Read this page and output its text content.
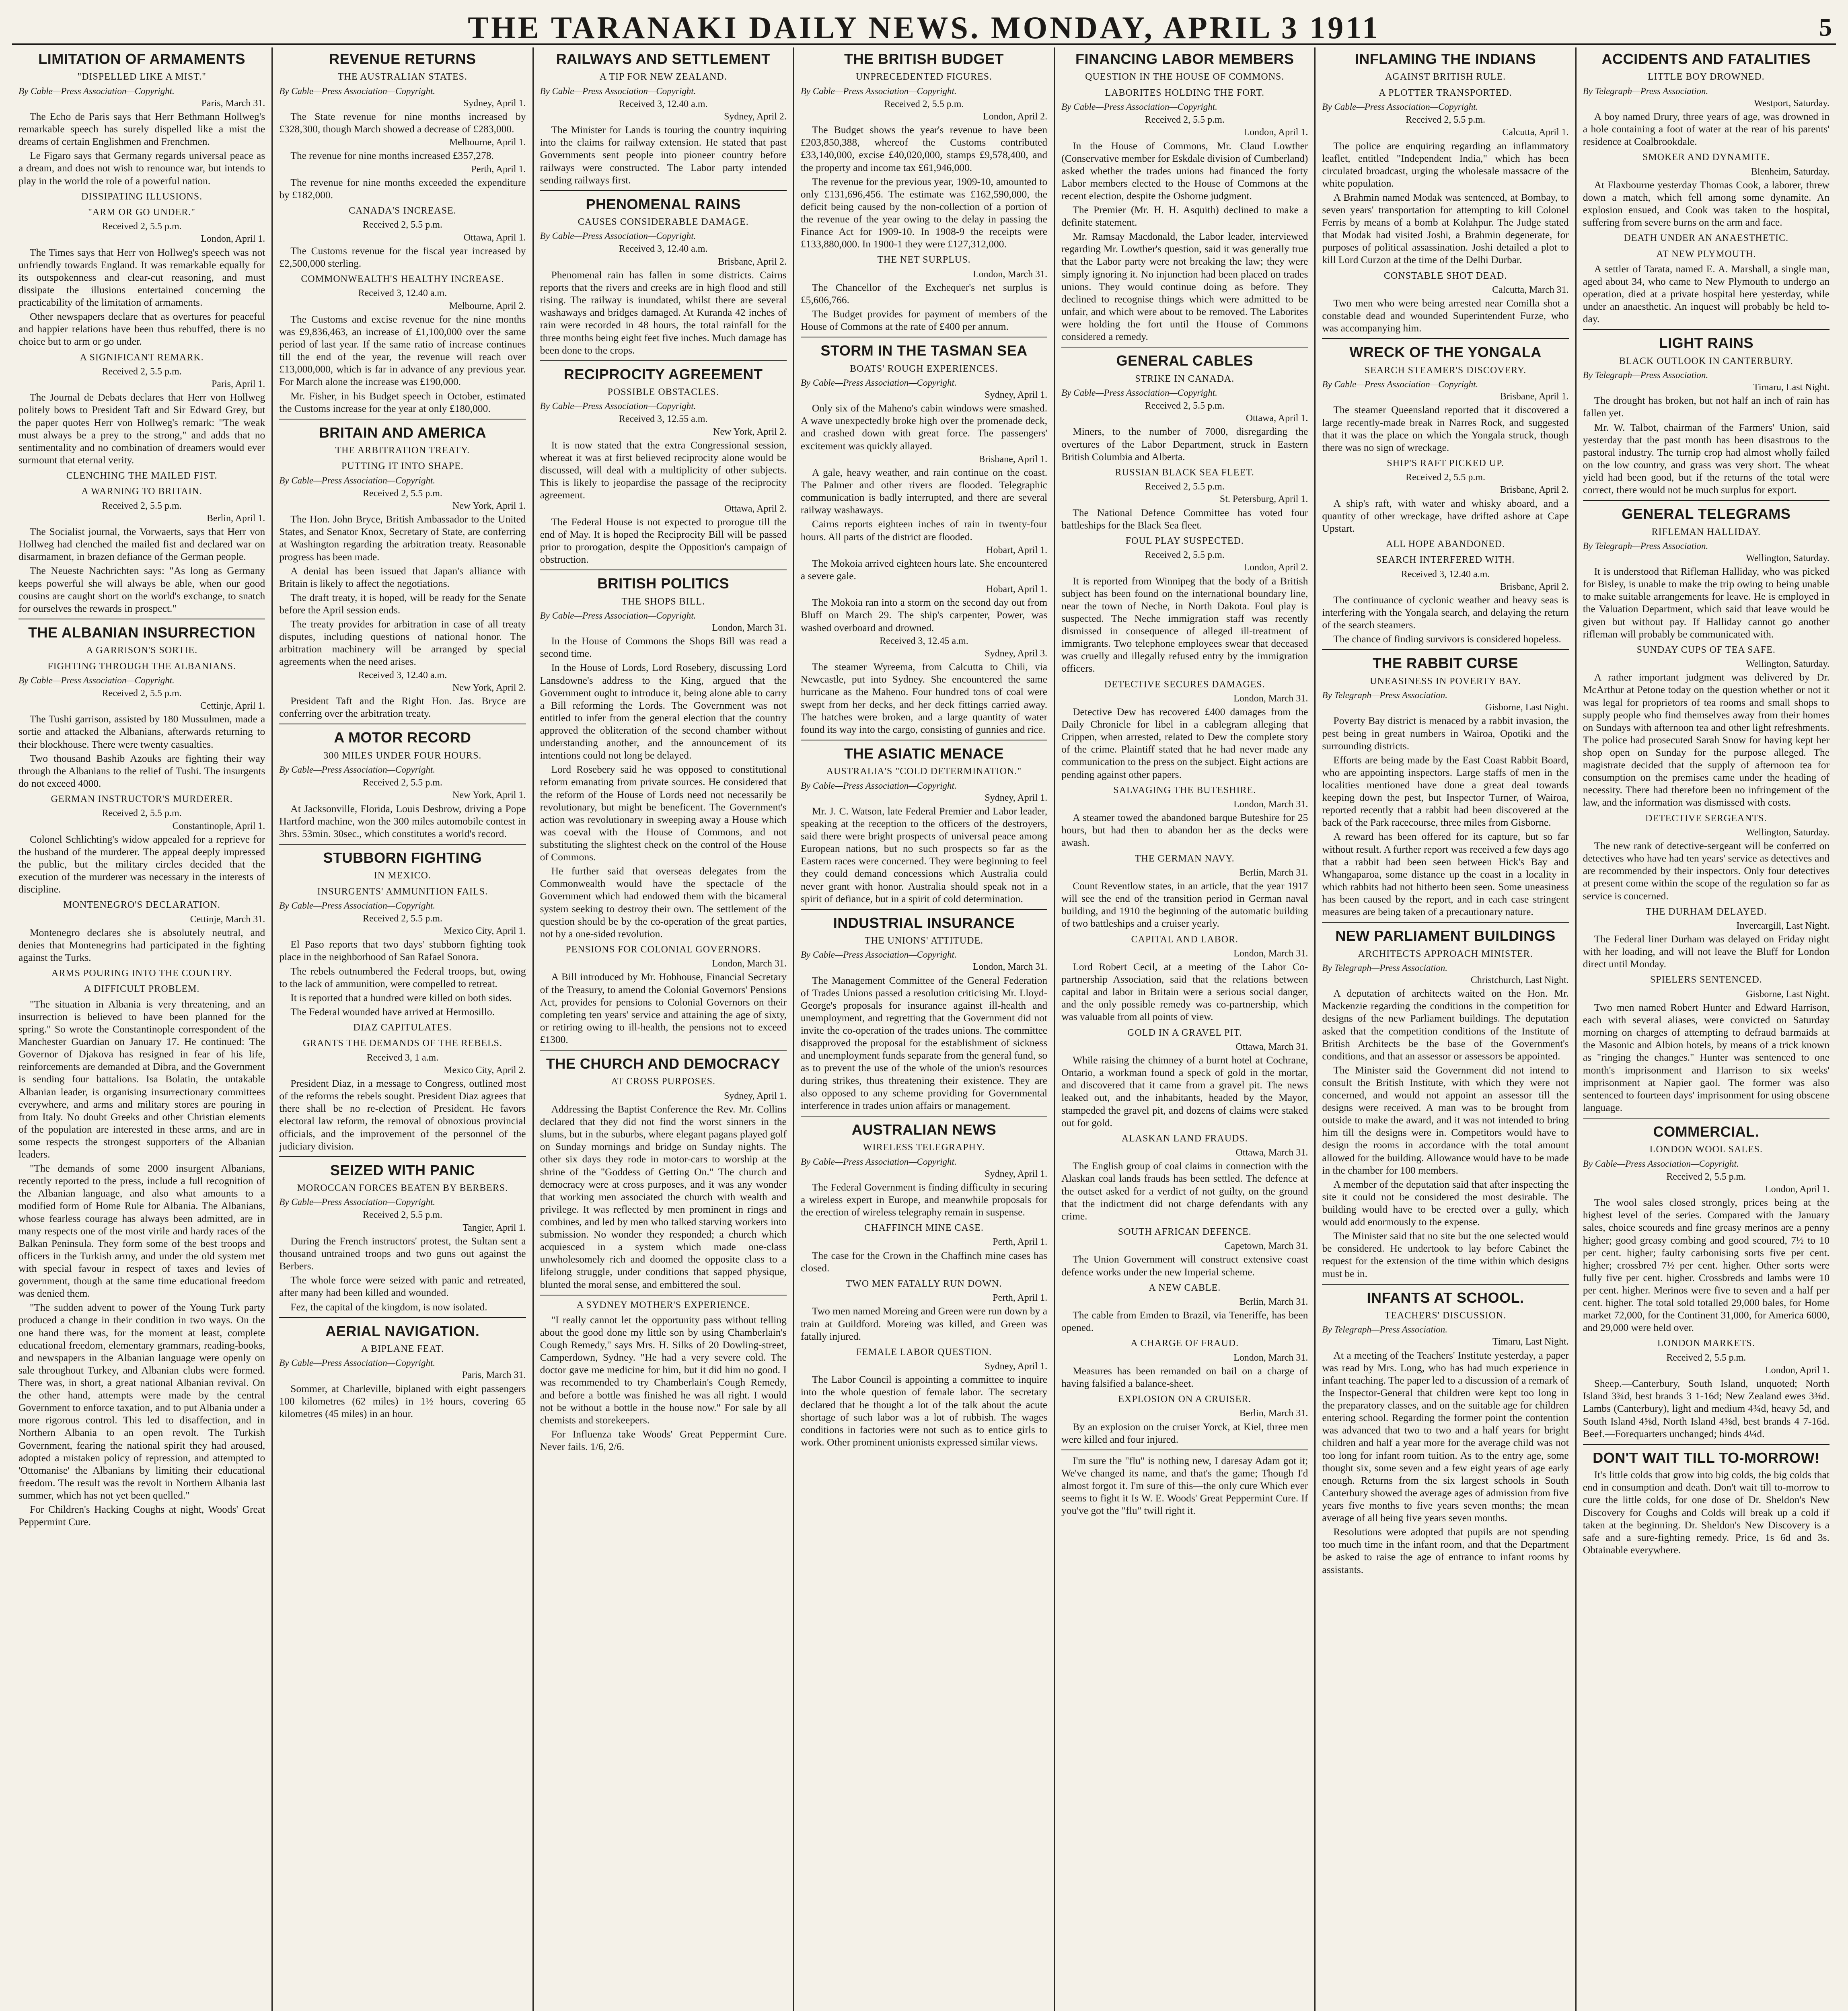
THE TARANAKI DAILY NEWS. MONDAY, APRIL 3 1911	5
LIMITATION OF ARMAMENTS

"DISPELLED LIKE A MIST."

By Cable—Press Association—Copyright.

Paris, March 31.

The Echo de Paris says that Herr Bethmann Hollweg's remarkable speech has surely dispelled like a mist the dreams of certain Englishmen and Frenchmen.

Le Figaro says that Germany regards universal peace as a dream, and does not wish to renounce war, but intends to play in the world the role of a powerful nation.

DISSIPATING ILLUSIONS.

"ARM OR GO UNDER."

Received 2, 5.5 p.m.

London, April 1.

The Times says that Herr von Hollweg's speech was not unfriendly towards England. It was remarkable equally for its outspokenness and clear-cut reasoning, and must dissipate the illusions entertained concerning the practicability of the limitation of armaments.

Other newspapers declare that as overtures for peaceful and happier relations have been thus rebuffed, there is no choice but to arm or go under.

A SIGNIFICANT REMARK.

Received 2, 5.5 p.m.

Paris, April 1.

The Journal de Debats declares that Herr von Hollweg politely bows to President Taft and Sir Edward Grey, but the paper quotes Herr von Hollweg's remark: "The weak must always be a prey to the strong," and adds that no sentimentality and no combination of dreamers would ever surmount that eternal verity.

CLENCHING THE MAILED FIST.

A WARNING TO BRITAIN.

Received 2, 5.5 p.m.

Berlin, April 1.

The Socialist journal, the Vorwaerts, says that Herr von Hollweg had clenched the mailed fist and declared war on disarmament, in brazen defiance of the German people.

The Neueste Nachrichten says: "As long as Germany keeps powerful she will always be able, when our good cousins are caught short on the world's exchange, to snatch for ourselves the rewards in prospect."

THE ALBANIAN INSURRECTION

A GARRISON'S SORTIE.

FIGHTING THROUGH THE ALBANIANS.

By Cable—Press Association—Copyright.

Received 2, 5.5 p.m.

Cettinje, April 1.

The Tushi garrison, assisted by 180 Mussulmen, made a sortie and attacked the Albanians, afterwards returning to their blockhouse. There were twenty casualties.

Two thousand Bashib Azouks are fighting their way through the Albanians to the relief of Tushi. The insurgents do not exceed 4000.

GERMAN INSTRUCTOR'S MURDERER.

Received 2, 5.5 p.m.

Constantinople, April 1.

Colonel Schlichting's widow appealed for a reprieve for the husband of the murderer. The appeal deeply impressed the public, but the military circles decided that the execution of the murderer was necessary in the interests of discipline.

MONTENEGRO'S DECLARATION.

Cettinje, March 31.

Montenegro declares she is absolutely neutral, and denies that Montenegrins had participated in the fighting against the Turks.

ARMS POURING INTO THE COUNTRY.

A DIFFICULT PROBLEM.

"The situation in Albania is very threatening, and an insurrection is believed to have been planned for the spring." So wrote the Constantinople correspondent of the Manchester Guardian on January 17. He continued: The Governor of Djakova has resigned in fear of his life, reinforcements are demanded at Dibra, and the Government is sending four battalions. Isa Bolatin, the untakable Albanian leader, is organising insurrectionary committees everywhere, and arms and military stores are pouring in from Italy. No doubt Greeks and other Christian elements of the population are interested in these arms, and are in some respects the strongest supporters of the Albanian leaders.

"The demands of some 2000 insurgent Albanians, recently reported to the press, include a full recognition of the Albanian language, and also what amounts to a modified form of Home Rule for Albania. The Albanians, whose fearless courage has always been admitted, are in many respects one of the most virile and hardy races of the Balkan Peninsula. They form some of the best troops and officers in the Turkish army, and under the old system met with special favour in respect of taxes and levies of government, though at the same time educational freedom was denied them.

"The sudden advent to power of the Young Turk party produced a change in their condition in two ways. On the one hand there was, for the moment at least, complete educational freedom, elementary grammars, reading-books, and newspapers in the Albanian language were openly on sale throughout Turkey, and Albanian clubs were formed. There was, in short, a great national Albanian revival. On the other hand, attempts were made by the central Government to enforce taxation, and to put Albania under a more rigorous control. This led to disaffection, and in Northern Albania to an open revolt. The Turkish Government, fearing the national spirit they had aroused, adopted a mistaken policy of repression, and attempted to 'Ottomanise' the Albanians by limiting their educational freedom. The result was the revolt in Northern Albania last summer, which has not yet been quelled."

For Children's Hacking Coughs at night, Woods' Great Peppermint Cure.

REVENUE RETURNS

THE AUSTRALIAN STATES.

By Cable—Press Association—Copyright.

Sydney, April 1.

The State revenue for nine months increased by £328,300, though March showed a decrease of £283,000.

Melbourne, April 1.

The revenue for nine months increased £357,278.

Perth, April 1.

The revenue for nine months exceeded the expenditure by £182,000.

CANADA'S INCREASE.

Received 2, 5.5 p.m.

Ottawa, April 1.

The Customs revenue for the fiscal year increased by £2,500,000 sterling.

COMMONWEALTH'S HEALTHY INCREASE.

Received 3, 12.40 a.m.

Melbourne, April 2.

The Customs and excise revenue for the nine months was £9,836,463, an increase of £1,100,000 over the same period of last year. If the same ratio of increase continues till the end of the year, the revenue will reach over £13,000,000, which is far in advance of any previous year. For March alone the increase was £190,000.

Mr. Fisher, in his Budget speech in October, estimated the Customs increase for the year at only £180,000.

BRITAIN AND AMERICA

THE ARBITRATION TREATY.

PUTTING IT INTO SHAPE.

By Cable—Press Association—Copyright.

Received 2, 5.5 p.m.

New York, April 1.

The Hon. John Bryce, British Ambassador to the United States, and Senator Knox, Secretary of State, are conferring at Washington regarding the arbitration treaty. Reasonable progress has been made.

A denial has been issued that Japan's alliance with Britain is likely to affect the negotiations.

The draft treaty, it is hoped, will be ready for the Senate before the April session ends.

The treaty provides for arbitration in case of all treaty disputes, including questions of national honor. The arbitration machinery will be arranged by special agreements when the need arises.

Received 3, 12.40 a.m.

New York, April 2.

President Taft and the Right Hon. Jas. Bryce are conferring over the arbitration treaty.

A MOTOR RECORD

300 MILES UNDER FOUR HOURS.

By Cable—Press Association—Copyright.

Received 2, 5.5 p.m.

New York, April 1.

At Jacksonville, Florida, Louis Desbrow, driving a Pope Hartford machine, won the 300 miles automobile contest in 3hrs. 53min. 30sec., which constitutes a world's record.

STUBBORN FIGHTING

IN MEXICO.

INSURGENTS' AMMUNITION FAILS.

By Cable—Press Association—Copyright.

Received 2, 5.5 p.m.

Mexico City, April 1.

El Paso reports that two days' stubborn fighting took place in the neighborhood of San Rafael Sonora.

The rebels outnumbered the Federal troops, but, owing to the lack of ammunition, were compelled to retreat.

It is reported that a hundred were killed on both sides.

The Federal wounded have arrived at Hermosillo.

DIAZ CAPITULATES.

GRANTS THE DEMANDS OF THE REBELS.

Received 3, 1 a.m.

Mexico City, April 2.

President Diaz, in a message to Congress, outlined most of the reforms the rebels sought. President Diaz agrees that there shall be no re-election of President. He favors electoral law reform, the removal of obnoxious provincial officials, and the improvement of the personnel of the judiciary division.

SEIZED WITH PANIC

MOROCCAN FORCES BEATEN BY BERBERS.

By Cable—Press Association—Copyright.

Received 2, 5.5 p.m.

Tangier, April 1.

During the French instructors' protest, the Sultan sent a thousand untrained troops and two guns out against the Berbers.

The whole force were seized with panic and retreated, after many had been killed and wounded.

Fez, the capital of the kingdom, is now isolated.

AERIAL NAVIGATION.

A BIPLANE FEAT.

By Cable—Press Association—Copyright.

Paris, March 31.

Sommer, at Charleville, biplaned with eight passengers 100 kilometres (62 miles) in 1½ hours, covering 65 kilometres (45 miles) in an hour.

RAILWAYS AND SETTLEMENT

A TIP FOR NEW ZEALAND.

By Cable—Press Association—Copyright.

Received 3, 12.40 a.m.

Sydney, April 2.

The Minister for Lands is touring the country inquiring into the claims for railway extension. He stated that past Governments sent people into pioneer country before railways were constructed. The Labor party intended sending railways first.

PHENOMENAL RAINS

CAUSES CONSIDERABLE DAMAGE.

By Cable—Press Association—Copyright.

Received 3, 12.40 a.m.

Brisbane, April 2.

Phenomenal rain has fallen in some districts. Cairns reports that the rivers and creeks are in high flood and still rising. The railway is inundated, whilst there are several washaways and bridges damaged. At Kuranda 42 inches of rain were recorded in 48 hours, the total rainfall for the three months being eight feet five inches. Much damage has been done to the crops.

RECIPROCITY AGREEMENT

POSSIBLE OBSTACLES.

By Cable—Press Association—Copyright.

Received 3, 12.55 a.m.

New York, April 2.

It is now stated that the extra Congressional session, whereat it was at first believed reciprocity alone would be discussed, will deal with a multiplicity of other subjects. This is likely to jeopardise the passage of the reciprocity agreement.

Ottawa, April 2.

The Federal House is not expected to prorogue till the end of May. It is hoped the Reciprocity Bill will be passed prior to prorogation, despite the Opposition's campaign of obstruction.

BRITISH POLITICS

THE SHOPS BILL.

By Cable—Press Association—Copyright.

London, March 31.

In the House of Commons the Shops Bill was read a second time.

In the House of Lords, Lord Rosebery, discussing Lord Lansdowne's address to the King, argued that the Government ought to introduce it, being alone able to carry a Bill reforming the Lords. The Government was not entitled to infer from the general election that the country approved the obliteration of the second chamber without understanding another, and the announcement of its intentions could not long be delayed.

Lord Rosebery said he was opposed to constitutional reform emanating from private sources. He considered that the reform of the House of Lords need not necessarily be revolutionary, but might be beneficent. The Government's action was revolutionary in sweeping away a House which was coeval with the House of Commons, and not substituting the slightest check on the control of the House of Commons.

He further said that overseas delegates from the Commonwealth would have the spectacle of the Government which had endowed them with the bicameral system seeking to destroy their own. The settlement of the question should be by the co-operation of the great parties, not by a one-sided revolution.

PENSIONS FOR COLONIAL GOVERNORS.

London, March 31.

A Bill introduced by Mr. Hobhouse, Financial Secretary of the Treasury, to amend the Colonial Governors' Pensions Act, provides for pensions to Colonial Governors on their completing ten years' service and attaining the age of sixty, or retiring owing to ill-health, the pensions not to exceed £1300.

THE CHURCH AND DEMOCRACY

AT CROSS PURPOSES.

Sydney, April 1.

Addressing the Baptist Conference the Rev. Mr. Collins declared that they did not find the worst sinners in the slums, but in the suburbs, where elegant pagans played golf on Sunday mornings and bridge on Sunday nights. The other six days they rode in motor-cars to worship at the shrine of the "Goddess of Getting On." The church and democracy were at cross purposes, and it was any wonder that working men associated the church with wealth and privilege. It was reflected by men prominent in rings and combines, and led by men who talked starving workers into submission. No wonder they responded; a church which acquiesced in a system which made one-class unwholesomely rich and doomed the opposite class to a lifelong struggle, under conditions that sapped physique, blunted the moral sense, and embittered the soul.

A SYDNEY MOTHER'S EXPERIENCE.

"I really cannot let the opportunity pass without telling about the good done my little son by using Chamberlain's Cough Remedy," says Mrs. H. Silks of 20 Dowling-street, Camperdown, Sydney. "He had a very severe cold. The doctor gave me medicine for him, but it did him no good. I was recommended to try Chamberlain's Cough Remedy, and before a bottle was finished he was all right. I would not be without a bottle in the house now." For sale by all chemists and storekeepers.

For Influenza take Woods' Great Peppermint Cure. Never fails. 1/6, 2/6.

THE BRITISH BUDGET

UNPRECEDENTED FIGURES.

By Cable—Press Association—Copyright.

Received 2, 5.5 p.m.

London, April 2.

The Budget shows the year's revenue to have been £203,850,388, whereof the Customs contributed £33,140,000, excise £40,020,000, stamps £9,578,400, and the property and income tax £61,946,000.

The revenue for the previous year, 1909-10, amounted to only £131,696,456. The estimate was £162,590,000, the deficit being caused by the non-collection of a portion of the revenue of the year owing to the delay in passing the Finance Act for 1909-10. In 1908-9 the receipts were £133,880,000. In 1900-1 they were £127,312,000.

THE NET SURPLUS.

London, March 31.

The Chancellor of the Exchequer's net surplus is £5,606,766.

The Budget provides for payment of members of the House of Commons at the rate of £400 per annum.

STORM IN THE TASMAN SEA

BOATS' ROUGH EXPERIENCES.

By Cable—Press Association—Copyright.

Sydney, April 1.

Only six of the Maheno's cabin windows were smashed. A wave unexpectedly broke high over the promenade deck, and crashed down with great force. The passengers' excitement was quickly allayed.

Brisbane, April 1.

A gale, heavy weather, and rain continue on the coast. The Palmer and other rivers are flooded. Telegraphic communication is badly interrupted, and there are several railway washaways.

Cairns reports eighteen inches of rain in twenty-four hours. All parts of the district are flooded.

Hobart, April 1.

The Mokoia arrived eighteen hours late. She encountered a severe gale.

Hobart, April 1.

The Mokoia ran into a storm on the second day out from Bluff on March 29. The ship's carpenter, Power, was washed overboard and drowned.

Received 3, 12.45 a.m.

Sydney, April 3.

The steamer Wyreema, from Calcutta to Chili, via Newcastle, put into Sydney. She encountered the same hurricane as the Maheno. Four hundred tons of coal were swept from her decks, and her deck fittings carried away. The hatches were broken, and a large quantity of water found its way into the cargo, consisting of gunnies and rice.

THE ASIATIC MENACE

AUSTRALIA'S "COLD DETERMINATION."

By Cable—Press Association—Copyright.

Sydney, April 1.

Mr. J. C. Watson, late Federal Premier and Labor leader, speaking at the reception to the officers of the destroyers, said there were bright prospects of universal peace among European nations, but no such prospects so far as the Eastern races were concerned. They were beginning to feel they could demand concessions which Australia could never grant with honor. Australia should speak not in a spirit of defiance, but in a spirit of cold determination.

INDUSTRIAL INSURANCE

THE UNIONS' ATTITUDE.

By Cable—Press Association—Copyright.

London, March 31.

The Management Committee of the General Federation of Trades Unions passed a resolution criticising Mr. Lloyd-George's proposals for insurance against ill-health and unemployment, and regretting that the Government did not invite the co-operation of the trades unions. The committee disapproved the proposal for the establishment of sickness and unemployment funds separate from the general fund, so as to prevent the use of the whole of the union's resources during strikes, thus threatening their existence. They are also opposed to any scheme providing for Governmental interference in trades union affairs or management.

AUSTRALIAN NEWS

WIRELESS TELEGRAPHY.

By Cable—Press Association—Copyright.

Sydney, April 1.

The Federal Government is finding difficulty in securing a wireless expert in Europe, and meanwhile proposals for the erection of wireless telegraphy remain in suspense.

CHAFFINCH MINE CASE.

Perth, April 1.

The case for the Crown in the Chaffinch mine cases has closed.

TWO MEN FATALLY RUN DOWN.

Perth, April 1.

Two men named Moreing and Green were run down by a train at Guildford. Moreing was killed, and Green was fatally injured.

FEMALE LABOR QUESTION.

Sydney, April 1.

The Labor Council is appointing a committee to inquire into the whole question of female labor. The secretary declared that he thought a lot of the talk about the acute shortage of such labor was a lot of rubbish. The wages conditions in factories were not such as to entice girls to work. Other prominent unionists expressed similar views.

FINANCING LABOR MEMBERS

QUESTION IN THE HOUSE OF COMMONS.

LABORITES HOLDING THE FORT.

By Cable—Press Association—Copyright.

Received 2, 5.5 p.m.

London, April 1.

In the House of Commons, Mr. Claud Lowther (Conservative member for Eskdale division of Cumberland) asked whether the trades unions had financed the forty Labor members elected to the House of Commons at the recent election, despite the Osborne judgment.

The Premier (Mr. H. H. Asquith) declined to make a definite statement.

Mr. Ramsay Macdonald, the Labor leader, interviewed regarding Mr. Lowther's question, said it was generally true that the Labor party were not breaking the law; they were simply ignoring it. No injunction had been placed on trades unions. They would continue doing as before. They declined to recognise things which were admitted to be unfair, and which were about to be removed. The Laborites were holding the fort until the House of Commons considered a remedy.

GENERAL CABLES

STRIKE IN CANADA.

By Cable—Press Association—Copyright.

Received 2, 5.5 p.m.

Ottawa, April 1.

Miners, to the number of 7000, disregarding the overtures of the Labor Department, struck in Eastern British Columbia and Alberta.

RUSSIAN BLACK SEA FLEET.

Received 2, 5.5 p.m.

St. Petersburg, April 1.

The National Defence Committee has voted four battleships for the Black Sea fleet.

FOUL PLAY SUSPECTED.

Received 2, 5.5 p.m.

London, April 2.

It is reported from Winnipeg that the body of a British subject has been found on the international boundary line, near the town of Neche, in North Dakota. Foul play is suspected. The Neche immigration staff was recently dismissed in consequence of alleged ill-treatment of immigrants. Two telephone employees swear that deceased was cruelly and illegally refused entry by the immigration officers.

DETECTIVE SECURES DAMAGES.

London, March 31.

Detective Dew has recovered £400 damages from the Daily Chronicle for libel in a cablegram alleging that Crippen, when arrested, related to Dew the complete story of the crime. Plaintiff stated that he had never made any communication to the press on the subject. Eight actions are pending against other papers.

SALVAGING THE BUTESHIRE.

London, March 31.

A steamer towed the abandoned barque Buteshire for 25 hours, but had then to abandon her as the decks were awash.

THE GERMAN NAVY.

Berlin, March 31.

Count Reventlow states, in an article, that the year 1917 will see the end of the transition period in German naval building, and 1910 the beginning of the automatic building of two battleships and a cruiser yearly.

CAPITAL AND LABOR.

London, March 31.

Lord Robert Cecil, at a meeting of the Labor Co-partnership Association, said that the relations between capital and labor in Britain were a serious social danger, and the only possible remedy was co-partnership, which was valuable from all points of view.

GOLD IN A GRAVEL PIT.

Ottawa, March 31.

While raising the chimney of a burnt hotel at Cochrane, Ontario, a workman found a speck of gold in the mortar, and discovered that it came from a gravel pit. The news leaked out, and the inhabitants, headed by the Mayor, stampeded the gravel pit, and dozens of claims were staked out for gold.

ALASKAN LAND FRAUDS.

Ottawa, March 31.

The English group of coal claims in connection with the Alaskan coal lands frauds has been settled. The defence at the outset asked for a verdict of not guilty, on the ground that the indictment did not charge defendants with any crime.

SOUTH AFRICAN DEFENCE.

Capetown, March 31.

The Union Government will construct extensive coast defence works under the new Imperial scheme.

A NEW CABLE.

Berlin, March 31.

The cable from Emden to Brazil, via Teneriffe, has been opened.

A CHARGE OF FRAUD.

London, March 31.

Measures has been remanded on bail on a charge of having falsified a balance-sheet.

EXPLOSION ON A CRUISER.

Berlin, March 31.

By an explosion on the cruiser Yorck, at Kiel, three men were killed and four injured.

I'm sure the "flu" is nothing new, I daresay Adam got it; We've changed its name, and that's the game; Though I'd almost forgot it. I'm sure of this—the only cure Which ever seems to fight it Is W. E. Woods' Great Peppermint Cure. If you've got the "flu" twill right it.

INFLAMING THE INDIANS

AGAINST BRITISH RULE.

A PLOTTER TRANSPORTED.

By Cable—Press Association—Copyright.

Received 2, 5.5 p.m.

Calcutta, April 1.

The police are enquiring regarding an inflammatory leaflet, entitled "Independent India," which has been circulated broadcast, urging the wholesale massacre of the white population.

A Brahmin named Modak was sentenced, at Bombay, to seven years' transportation for attempting to kill Colonel Ferris by means of a bomb at Kolahpur. The Judge stated that Modak had visited Joshi, a Brahmin degenerate, for purposes of political assassination. Joshi detailed a plot to kill Lord Curzon at the time of the Delhi Durbar.

CONSTABLE SHOT DEAD.

Calcutta, March 31.

Two men who were being arrested near Comilla shot a constable dead and wounded Superintendent Furze, who was accompanying him.

WRECK OF THE YONGALA

SEARCH STEAMER'S DISCOVERY.

By Cable—Press Association—Copyright.

Brisbane, April 1.

The steamer Queensland reported that it discovered a large recently-made break in Narres Rock, and suggested that it was the place on which the Yongala struck, though there was no sign of wreckage.

SHIP'S RAFT PICKED UP.

Received 2, 5.5 p.m.

Brisbane, April 2.

A ship's raft, with water and whisky aboard, and a quantity of other wreckage, have drifted ashore at Cape Upstart.

ALL HOPE ABANDONED.

SEARCH INTERFERED WITH.

Received 3, 12.40 a.m.

Brisbane, April 2.

The continuance of cyclonic weather and heavy seas is interfering with the Yongala search, and delaying the return of the search steamers.

The chance of finding survivors is considered hopeless.

THE RABBIT CURSE

UNEASINESS IN POVERTY BAY.

By Telegraph—Press Association.

Gisborne, Last Night.

Poverty Bay district is menaced by a rabbit invasion, the pest being in great numbers in Wairoa, Opotiki and the surrounding districts.

Efforts are being made by the East Coast Rabbit Board, who are appointing inspectors. Large staffs of men in the localities mentioned have done a great deal towards keeping down the pest, but Inspector Turner, of Wairoa, reported recently that a rabbit had been discovered at the back of the Park racecourse, three miles from Gisborne.

A reward has been offered for its capture, but so far without result. A further report was received a few days ago that a rabbit had been seen between Hick's Bay and Whangaparoa, some distance up the coast in a locality in which rabbits had not hitherto been seen. Some uneasiness has been caused by the report, and in each case stringent measures are being taken of a precautionary nature.

NEW PARLIAMENT BUILDINGS

ARCHITECTS APPROACH MINISTER.

By Telegraph—Press Association.

Christchurch, Last Night.

A deputation of architects waited on the Hon. Mr. Mackenzie regarding the conditions in the competition for designs of the new Parliament buildings. The deputation asked that the competition conditions of the Institute of British Architects be the base of the Government's conditions, and that an assessor or assessors be appointed.

The Minister said the Government did not intend to consult the British Institute, with which they were not concerned, and would not appoint an assessor till the designs were received. A man was to be brought from outside to make the award, and it was not intended to bring him till the designs were in. Competitors would have to design the rooms in accordance with the total amount allowed for the building. Allowance would have to be made in the chamber for 100 members.

A member of the deputation said that after inspecting the site it could not be considered the most desirable. The building would have to be erected over a gully, which would add enormously to the expense.

The Minister said that no site but the one selected would be considered. He undertook to lay before Cabinet the request for the extension of the time within which designs must be in.

INFANTS AT SCHOOL.

TEACHERS' DISCUSSION.

By Telegraph—Press Association.

Timaru, Last Night.

At a meeting of the Teachers' Institute yesterday, a paper was read by Mrs. Long, who has had much experience in infant teaching. The paper led to a discussion of a remark of the Inspector-General that children were kept too long in the preparatory classes, and on the suitable age for children entering school. Regarding the former point the contention was advanced that two to two and a half years for bright children and half a year more for the average child was not too long for infant room tuition. As to the entry age, some thought six, some seven and a few eight years of age early enough. Returns from the six largest schools in South Canterbury showed the average ages of admission from five years five months to five years seven months; the mean average of all being five years seven months.

Resolutions were adopted that pupils are not spending too much time in the infant room, and that the Department be asked to raise the age of entrance to infant rooms by assistants.

ACCIDENTS AND FATALITIES

LITTLE BOY DROWNED.

By Telegraph—Press Association.

Westport, Saturday.

A boy named Drury, three years of age, was drowned in a hole containing a foot of water at the rear of his parents' residence at Coalbrookdale.

SMOKER AND DYNAMITE.

Blenheim, Saturday.

At Flaxbourne yesterday Thomas Cook, a laborer, threw down a match, which fell among some dynamite. An explosion ensued, and Cook was taken to the hospital, suffering from severe burns on the arm and face.

DEATH UNDER AN ANAESTHETIC.

AT NEW PLYMOUTH.

A settler of Tarata, named E. A. Marshall, a single man, aged about 34, who came to New Plymouth to undergo an operation, died at a private hospital here yesterday, while under an anaesthetic. An inquest will probably be held to-day.

LIGHT RAINS

BLACK OUTLOOK IN CANTERBURY.

By Telegraph—Press Association.

Timaru, Last Night.

The drought has broken, but not half an inch of rain has fallen yet.

Mr. W. Talbot, chairman of the Farmers' Union, said yesterday that the past month has been disastrous to the pastoral industry. The turnip crop had almost wholly failed on the low country, and grass was very short. The wheat yield had been good, but if the returns of the total were correct, there would not be much surplus for export.

GENERAL TELEGRAMS

RIFLEMAN HALLIDAY.

By Telegraph—Press Association.

Wellington, Saturday.

It is understood that Rifleman Halliday, who was picked for Bisley, is unable to make the trip owing to being unable to make suitable arrangements for leave. He is employed in the Valuation Department, which said that leave would be given but without pay. If Halliday cannot go another rifleman will probably be communicated with.

SUNDAY CUPS OF TEA SAFE.

Wellington, Saturday.

A rather important judgment was delivered by Dr. McArthur at Petone today on the question whether or not it was legal for proprietors of tea rooms and small shops to supply people who find themselves away from their homes on Sundays with afternoon tea and other light refreshments. The police had prosecuted Sarah Snow for having kept her shop open on Sunday for the purpose alleged. The magistrate decided that the supply of afternoon tea for consumption on the premises came under the heading of necessity. There had therefore been no infringement of the law, and the information was dismissed with costs.

DETECTIVE SERGEANTS.

Wellington, Saturday.

The new rank of detective-sergeant will be conferred on detectives who have had ten years' service as detectives and are recommended by their inspectors. Only four detectives at present come within the scope of the regulation so far as service is concerned.

THE DURHAM DELAYED.

Invercargill, Last Night.

The Federal liner Durham was delayed on Friday night with her loading, and will not leave the Bluff for London direct until Monday.

SPIELERS SENTENCED.

Gisborne, Last Night.

Two men named Robert Hunter and Edward Harrison, each with several aliases, were convicted on Saturday morning on charges of attempting to defraud barmaids at the Masonic and Albion hotels, by means of a trick known as "ringing the changes." Hunter was sentenced to one month's imprisonment and Harrison to six weeks' imprisonment at Napier gaol. The former was also sentenced to fourteen days' imprisonment for using obscene language.

COMMERCIAL.

LONDON WOOL SALES.

By Cable—Press Association—Copyright.

Received 2, 5.5 p.m.

London, April 1.

The wool sales closed strongly, prices being at the highest level of the series. Compared with the January sales, choice scoureds and fine greasy merinos are a penny higher; good greasy combing and good scoured, 7½ to 10 per cent. higher; faulty carbonising sorts five per cent. higher; crossbred 7½ per cent. higher. Other sorts were fully five per cent. higher. Crossbreds and lambs were 10 per cent. higher. Merinos were five to seven and a half per cent. higher. The total sold totalled 29,000 bales, for Home market 72,000, for the Continent 31,000, for America 6000, and 29,000 were held over.

LONDON MARKETS.

Received 2, 5.5 p.m.

London, April 1.

Sheep.—Canterbury, South Island, unquoted; North Island 3¾d, best brands 3 1-16d; New Zealand ewes 3⅜d. Lambs (Canterbury), light and medium 4¾d, heavy 5d, and South Island 4⅝d, North Island 4⅜d, best brands 4 7-16d. Beef.—Forequarters unchanged; hinds 4¼d.

DON'T WAIT TILL TO-MORROW!

It's little colds that grow into big colds, the big colds that end in consumption and death. Don't wait till to-morrow to cure the little colds, for one dose of Dr. Sheldon's New Discovery for Coughs and Colds will break up a cold if taken at the beginning. Dr. Sheldon's New Discovery is a safe and a sure-fighting remedy. Price, 1s 6d and 3s. Obtainable everywhere.
